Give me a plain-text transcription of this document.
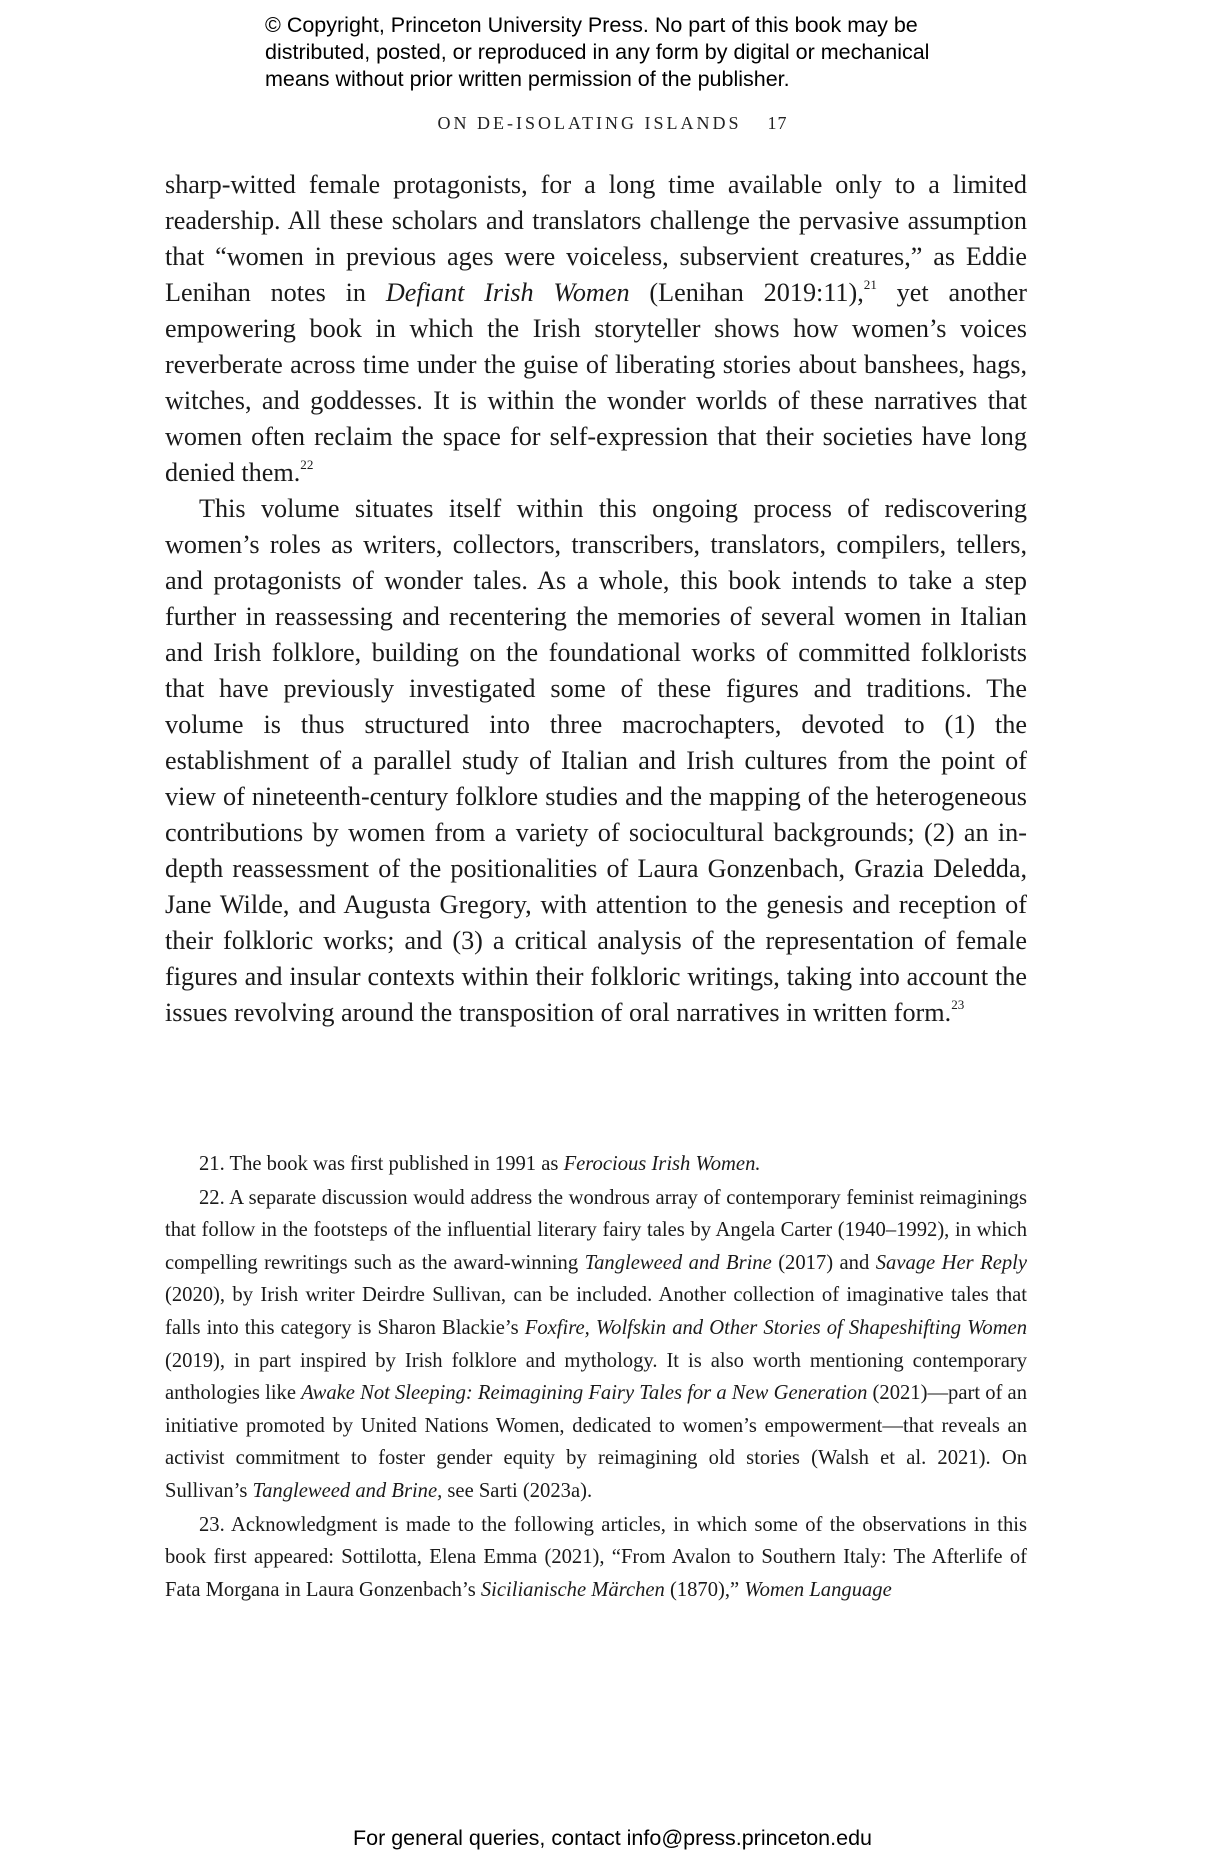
© Copyright, Princeton University Press. No part of this book may be
distributed, posted, or reproduced in any form by digital or mechanical
means without prior written permission of the publisher.
ON DE-ISOLATING ISLANDS 17

sharp-witted female protagonists, for a long time available only to a limited readership. All these scholars and translators challenge the pervasive assumption that “women in previous ages were voiceless, subservient creatures,” as Eddie Lenihan notes in Defiant Irish Women (Lenihan 2019:11),$^{21}$ yet another empowering book in which the Irish storyteller shows how women’s voices reverberate across time under the guise of liberating stories about banshees, hags, witches, and goddesses. It is within the wonder worlds of these narratives that women often reclaim the space for self-expression that their societies have long denied them.$^{22}$

This volume situates itself within this ongoing process of rediscovering women’s roles as writers, collectors, transcribers, translators, compilers, tellers, and protagonists of wonder tales. As a whole, this book intends to take a step further in reassessing and recentering the memories of several women in Italian and Irish folklore, building on the foundational works of committed folklorists that have previously investigated some of these figures and traditions. The volume is thus structured into three macrochapters, devoted to (1) the establishment of a parallel study of Italian and Irish cultures from the point of view of nineteenth-century folklore studies and the mapping of the heterogeneous contributions by women from a variety of sociocultural backgrounds; (2) an in-depth reassessment of the positionalities of Laura Gonzenbach, Grazia Deledda, Jane Wilde, and Augusta Gregory, with attention to the genesis and reception of their folkloric works; and (3) a critical analysis of the representation of female figures and insular contexts within their folkloric writings, taking into account the issues revolving around the transposition of oral narratives in written form.$^{23}$

21. The book was first published in 1991 as Ferocious Irish Women.

22. A separate discussion would address the wondrous array of contemporary feminist reimaginings that follow in the footsteps of the influential literary fairy tales by Angela Carter (1940–1992), in which compelling rewritings such as the award-winning Tangleweed and Brine (2017) and Savage Her Reply (2020), by Irish writer Deirdre Sullivan, can be included. Another collection of imaginative tales that falls into this category is Sharon Blackie’s Foxfire, Wolfskin and Other Stories of Shapeshifting Women (2019), in part inspired by Irish folklore and mythology. It is also worth mentioning contemporary anthologies like Awake Not Sleeping: Reimagining Fairy Tales for a New Generation (2021)—part of an initiative promoted by United Nations Women, dedicated to women’s empowerment—that reveals an activist commitment to foster gender equity by reimagining old stories (Walsh et al. 2021). On Sullivan’s Tangleweed and Brine, see Sarti (2023a).

23. Acknowledgment is made to the following articles, in which some of the observations in this book first appeared: Sottilotta, Elena Emma (2021), “From Avalon to Southern Italy: The Afterlife of Fata Morgana in Laura Gonzenbach’s Sicilianische Märchen (1870),” Women Language

For general queries, contact info@press.princeton.edu
